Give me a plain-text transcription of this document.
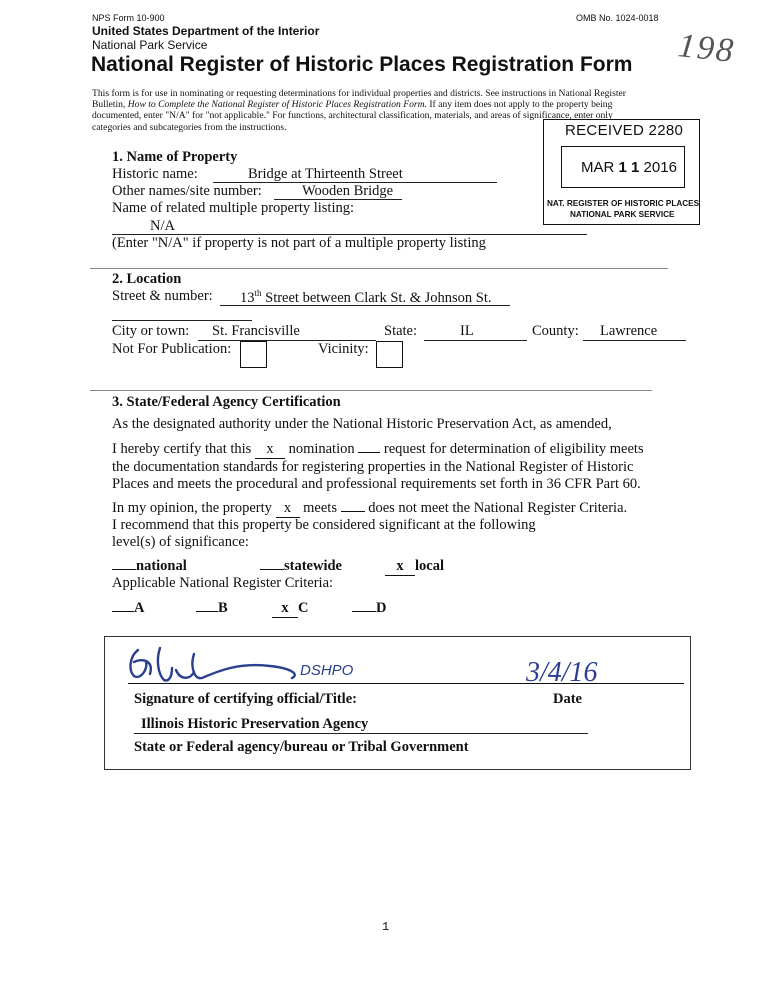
NPS Form 10-900	OMB No. 1024-0018
United States Department of the Interior
National Park Service
National Register of Historic Places Registration Form 198
This form is for use in nominating or requesting determinations for individual properties and districts. See instructions in National Register
Bulletin, How to Complete the National Register of Historic Places Registration Form. If any item does not apply to the property being
documented, enter "N/A" for "not applicable." For functions, architectural classification, materials, and areas of significance, enter only
categories and subcategories from the instructions.	RECEIVED 2280
MAR 1 1 2016
NAT. REGISTER OF HISTORIC PLACES
NATIONAL PARK SERVICE
1. Name of Property
Historic name:	Bridge at Thirteenth Street
Other names/site number:	Wooden Bridge
Name of related multiple property listing:
N/A
(Enter "N/A" if property is not part of a multiple property listing
2. Location
Street & number: 13th Street between Clark St. & Johnson St.
City or town: St. Francisville	State:	IL	County: Lawrence
Not For Publication:	Vicinity:
3. State/Federal Agency Certification
As the designated authority under the National Historic Preservation Act, as amended,
I hereby certify that this x nomination request for determination of eligibility meets
the documentation standards for registering properties in the National Register of Historic
Places and meets the procedural and professional requirements set forth in 36 CFR Part 60.
In my opinion, the property x meets does not meet the National Register Criteria.
I recommend that this property be considered significant at the following
level(s) of significance:
national	statewide	x local
Applicable National Register Criteria:
A	B	x C	D
DSHPO	3/4/16
Signature of certifying official/Title:	Date
Illinois Historic Preservation Agency
State or Federal agency/bureau or Tribal Government
1
